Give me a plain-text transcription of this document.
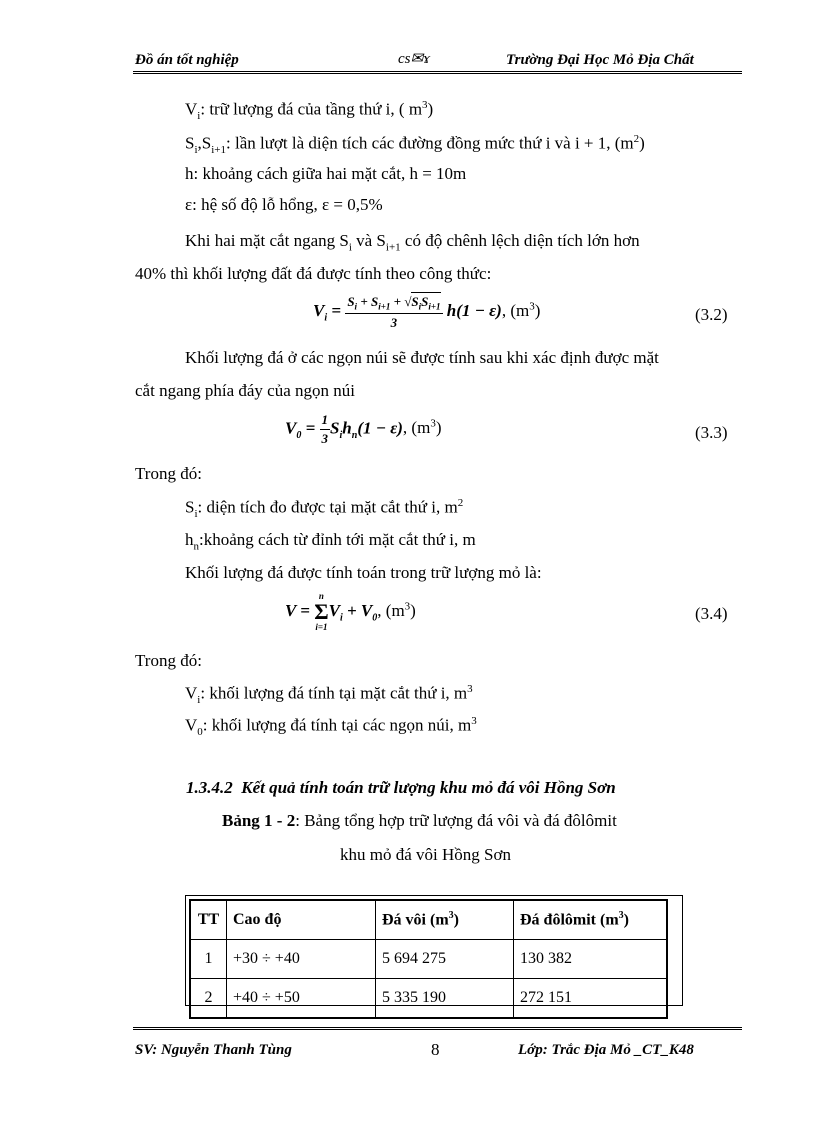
Đồ án tốt nghiệp	cs✉ɤ	Trường Đại Học Mỏ Địa Chất
$V_i$: trữ lượng đá của tầng thứ i, ( $m^3$)
$S_i,S_{i+1}$: lần lượt là diện tích các đường đồng mức thứ i và i + 1, $(m^2)$
h: khoảng cách giữa hai mặt cắt, h = 10m
ε: hệ số độ lỗ hổng, ε = 0,5%
Khi hai mặt cắt ngang $S_i$ và $S_{i+1}$ có độ chênh lệch diện tích lớn hơn
40% thì khối lượng đất đá được tính theo công thức:
$V_i = \frac{S_i + S_{i+1} + √S_iS_{i+1}}{3} h(1 - \varepsilon)$, $(m^3)$	(3.2)
Khối lượng đá ở các ngọn núi sẽ được tính sau khi xác định được mặt
cắt ngang phía đáy của ngọn núi
$V_0 = \frac{1}{3} S_ih_n(1 - \varepsilon)$, $(m^3)$	(3.3)
Trong đó:
$S_i$: diện tích đo được tại mặt cắt thứ i, $m^2$
$h_n:khoảng$ cách từ đỉnh tới mặt cắt thứ i, m
Khối lượng đá được tính toán trong trữ lượng mỏ là:
V =
n
Σ
i=1
$V_i + V_0$, $(m^3)$	(3.4)
Trong đó:
$V_i$: khối lượng đá tính tại mặt cắt thứ i, $m^3$
$V_0$: khối lượng đá tính tại các ngọn núi, $m^3$
1.3.4.2 Kết quả tính toán trữ lượng khu mỏ đá vôi Hồng Sơn
Bảng 1 - 2: Bảng tổng hợp trữ lượng đá vôi và đá đôlômit
khu mỏ đá vôi Hồng Sơn
TT	Cao độ	Đá vôi $(m^3)$	Đá đôlômit $(m^3)$
1	+30 ÷ +40	5 694 275	130 382
2	+40 ÷ +50	5 335 190	272 151
SV: Nguyễn Thanh Tùng	8	Lớp: Trắc Địa Mỏ _CT_K48
